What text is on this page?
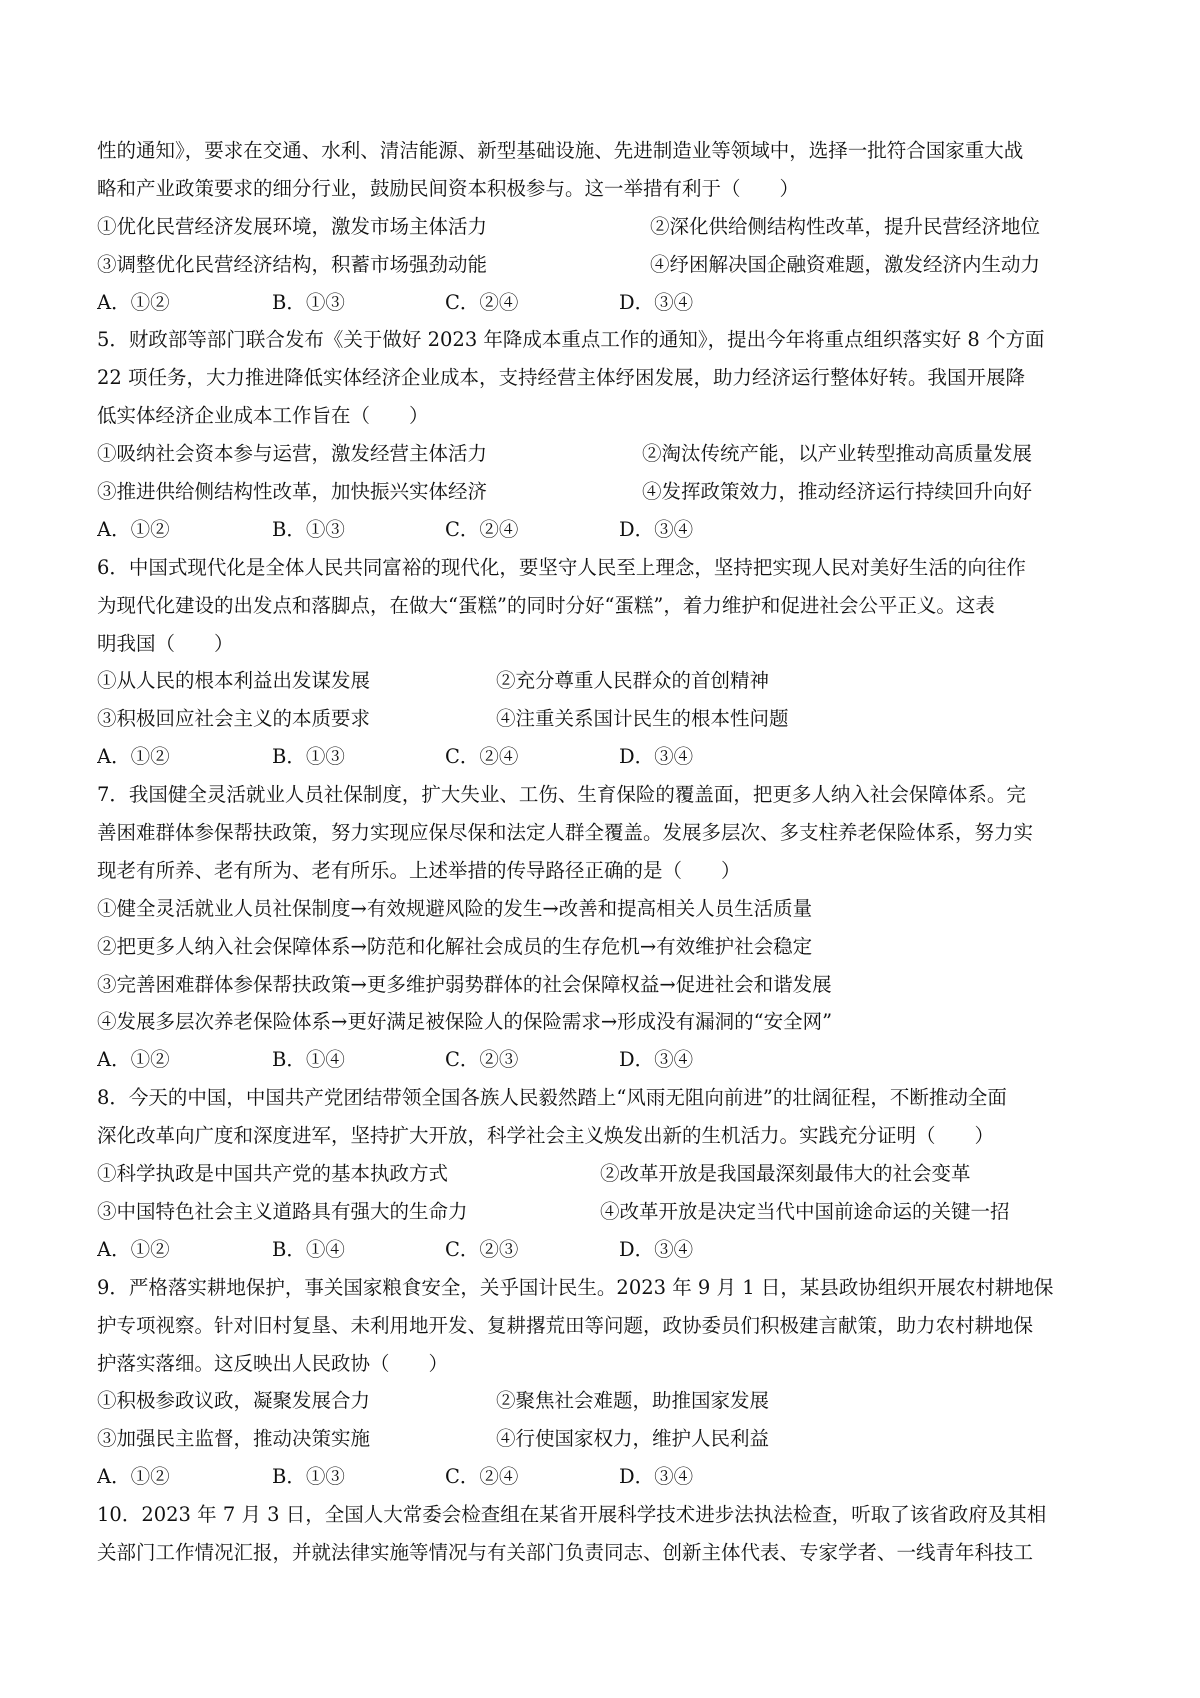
性的通知》，要求在交通、水利、清洁能源、新型基础设施、先进制造业等领域中，选择一批符合国家重大战
略和产业政策要求的细分行业，鼓励民间资本积极参与。这一举措有利于（　　）
①优化民营经济发展环境，激发市场主体活力	②深化供给侧结构性改革，提升民营经济地位
③调整优化民营经济结构，积蓄市场强劲动能	④纾困解决国企融资难题，激发经济内生动力
A．①②	B．①③	C．②④	D．③④
5．财政部等部门联合发布《关于做好 2023 年降成本重点工作的通知》，提出今年将重点组织落实好 8 个方面
22 项任务，大力推进降低实体经济企业成本，支持经营主体纾困发展，助力经济运行整体好转。我国开展降
低实体经济企业成本工作旨在（　　）
①吸纳社会资本参与运营，激发经营主体活力	②淘汰传统产能，以产业转型推动高质量发展
③推进供给侧结构性改革，加快振兴实体经济	④发挥政策效力，推动经济运行持续回升向好
A．①②	B．①③	C．②④	D．③④
6．中国式现代化是全体人民共同富裕的现代化，要坚守人民至上理念，坚持把实现人民对美好生活的向往作
为现代化建设的出发点和落脚点，在做大“蛋糕”的同时分好“蛋糕”，着力维护和促进社会公平正义。这表
明我国（　　）
①从人民的根本利益出发谋发展	②充分尊重人民群众的首创精神
③积极回应社会主义的本质要求	④注重关系国计民生的根本性问题
A．①②	B．①③	C．②④	D．③④
7．我国健全灵活就业人员社保制度，扩大失业、工伤、生育保险的覆盖面，把更多人纳入社会保障体系。完
善困难群体参保帮扶政策，努力实现应保尽保和法定人群全覆盖。发展多层次、多支柱养老保险体系，努力实
现老有所养、老有所为、老有所乐。上述举措的传导路径正确的是（　　）
①健全灵活就业人员社保制度→有效规避风险的发生→改善和提高相关人员生活质量
②把更多人纳入社会保障体系→防范和化解社会成员的生存危机→有效维护社会稳定
③完善困难群体参保帮扶政策→更多维护弱势群体的社会保障权益→促进社会和谐发展
④发展多层次养老保险体系→更好满足被保险人的保险需求→形成没有漏洞的“安全网”
A．①②	B．①④	C．②③	D．③④
8．今天的中国，中国共产党团结带领全国各族人民毅然踏上“风雨无阻向前进”的壮阔征程，不断推动全面
深化改革向广度和深度进军，坚持扩大开放，科学社会主义焕发出新的生机活力。实践充分证明（　　）
①科学执政是中国共产党的基本执政方式	②改革开放是我国最深刻最伟大的社会变革
③中国特色社会主义道路具有强大的生命力	④改革开放是决定当代中国前途命运的关键一招
A．①②	B．①④	C．②③	D．③④
9．严格落实耕地保护，事关国家粮食安全，关乎国计民生。2023 年 9 月 1 日，某县政协组织开展农村耕地保
护专项视察。针对旧村复垦、未利用地开发、复耕撂荒田等问题，政协委员们积极建言献策，助力农村耕地保
护落实落细。这反映出人民政协（　　）
①积极参政议政，凝聚发展合力	②聚焦社会难题，助推国家发展
③加强民主监督，推动决策实施	④行使国家权力，维护人民利益
A．①②	B．①③	C．②④	D．③④
10．2023 年 7 月 3 日，全国人大常委会检查组在某省开展科学技术进步法执法检查，听取了该省政府及其相
关部门工作情况汇报，并就法律实施等情况与有关部门负责同志、创新主体代表、专家学者、一线青年科技工
